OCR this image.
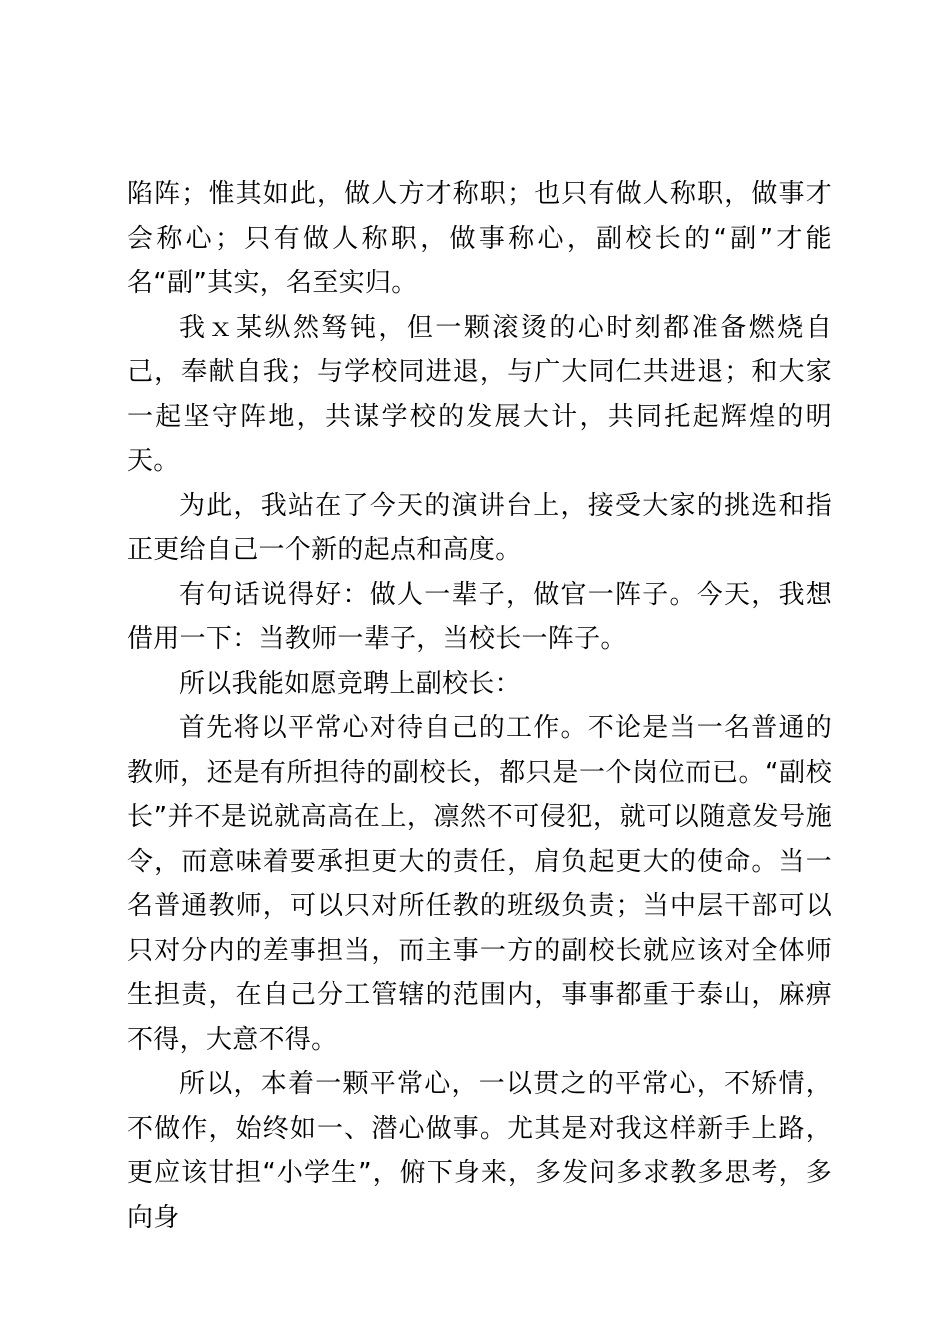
陷阵；惟其如此，做人方才称职；也只有做人称职，做事才会称心；只有做人称职，做事称心，副校长的“副”才能名“副”其实，名至实归。

我ｘ某纵然驽钝，但一颗滚烫的心时刻都准备燃烧自己，奉献自我；与学校同进退，与广大同仁共进退；和大家一起坚守阵地，共谋学校的发展大计，共同托起辉煌的明天。

为此，我站在了今天的演讲台上，接受大家的挑选和指正更给自己一个新的起点和高度。

有句话说得好：做人一辈子，做官一阵子。今天，我想借用一下：当教师一辈子，当校长一阵子。

所以我能如愿竞聘上副校长：

首先将以平常心对待自己的工作。不论是当一名普通的教师，还是有所担待的副校长，都只是一个岗位而已。“副校长”并不是说就高高在上，凛然不可侵犯，就可以随意发号施令，而意味着要承担更大的责任，肩负起更大的使命。当一名普通教师，可以只对所任教的班级负责；当中层干部可以只对分内的差事担当，而主事一方的副校长就应该对全体师生担责，在自己分工管辖的范围内，事事都重于泰山，麻痹不得，大意不得。

所以，本着一颗平常心，一以贯之的平常心，不矫情，不做作，始终如一、潜心做事。尤其是对我这样新手上路，更应该甘担“小学生”，俯下身来，多发问多求教多思考，多向身
